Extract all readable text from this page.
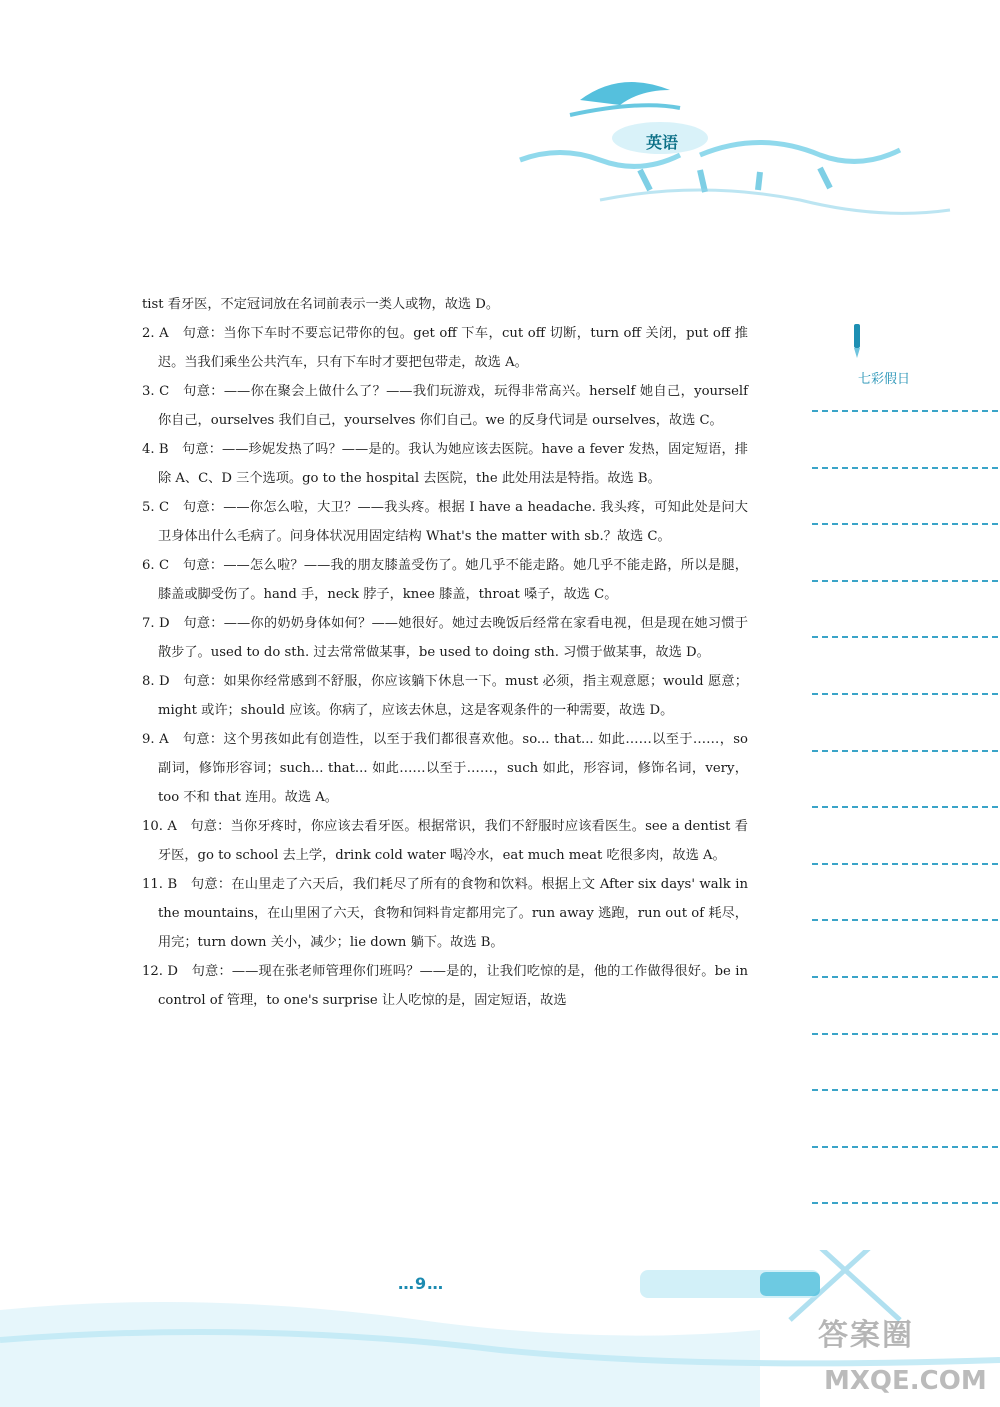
英语
七彩假日

tist 看牙医，不定冠词放在名词前表示一类人或物，故选 D。

2. A　句意：当你下车时不要忘记带你的包。get off 下车，cut off 切断，turn off 关闭，put off 推迟。当我们乘坐公共汽车，只有下车时才要把包带走，故选 A。

3. C　句意：——你在聚会上做什么了？——我们玩游戏，玩得非常高兴。herself 她自己，yourself 你自己，ourselves 我们自己，yourselves 你们自己。we 的反身代词是 ourselves，故选 C。

4. B　句意：——珍妮发热了吗？——是的。我认为她应该去医院。have a fever 发热，固定短语，排除 A、C、D 三个选项。go to the hospital 去医院，the 此处用法是特指。故选 B。

5. C　句意：——你怎么啦，大卫？——我头疼。根据 I have a headache. 我头疼，可知此处是问大卫身体出什么毛病了。问身体状况用固定结构 What's the matter with sb.？故选 C。

6. C　句意：——怎么啦？——我的朋友膝盖受伤了。她几乎不能走路。她几乎不能走路，所以是腿，膝盖或脚受伤了。hand 手，neck 脖子，knee 膝盖，throat 嗓子，故选 C。

7. D　句意：——你的奶奶身体如何？——她很好。她过去晚饭后经常在家看电视，但是现在她习惯于散步了。used to do sth. 过去常常做某事，be used to doing sth. 习惯于做某事，故选 D。

8. D　句意：如果你经常感到不舒服，你应该躺下休息一下。must 必须，指主观意愿；would 愿意；might 或许；should 应该。你病了，应该去休息，这是客观条件的一种需要，故选 D。

9. A　句意：这个男孩如此有创造性，以至于我们都很喜欢他。so... that... 如此……以至于……，so 副词，修饰形容词；such... that... 如此……以至于……，such 如此，形容词，修饰名词，very，too 不和 that 连用。故选 A。

10. A　句意：当你牙疼时，你应该去看牙医。根据常识，我们不舒服时应该看医生。see a dentist 看牙医，go to school 去上学，drink cold water 喝冷水，eat much meat 吃很多肉，故选 A。

11. B　句意：在山里走了六天后，我们耗尽了所有的食物和饮料。根据上文 After six days' walk in the mountains，在山里困了六天，食物和饲料肯定都用完了。run away 逃跑，run out of 耗尽，用完；turn down 关小，减少；lie down 躺下。故选 B。

12. D　句意：——现在张老师管理你们班吗？——是的，让我们吃惊的是，他的工作做得很好。be in control of 管理，to one's surprise 让人吃惊的是，固定短语，故选

…9…
答案圈
MXQE.COM
